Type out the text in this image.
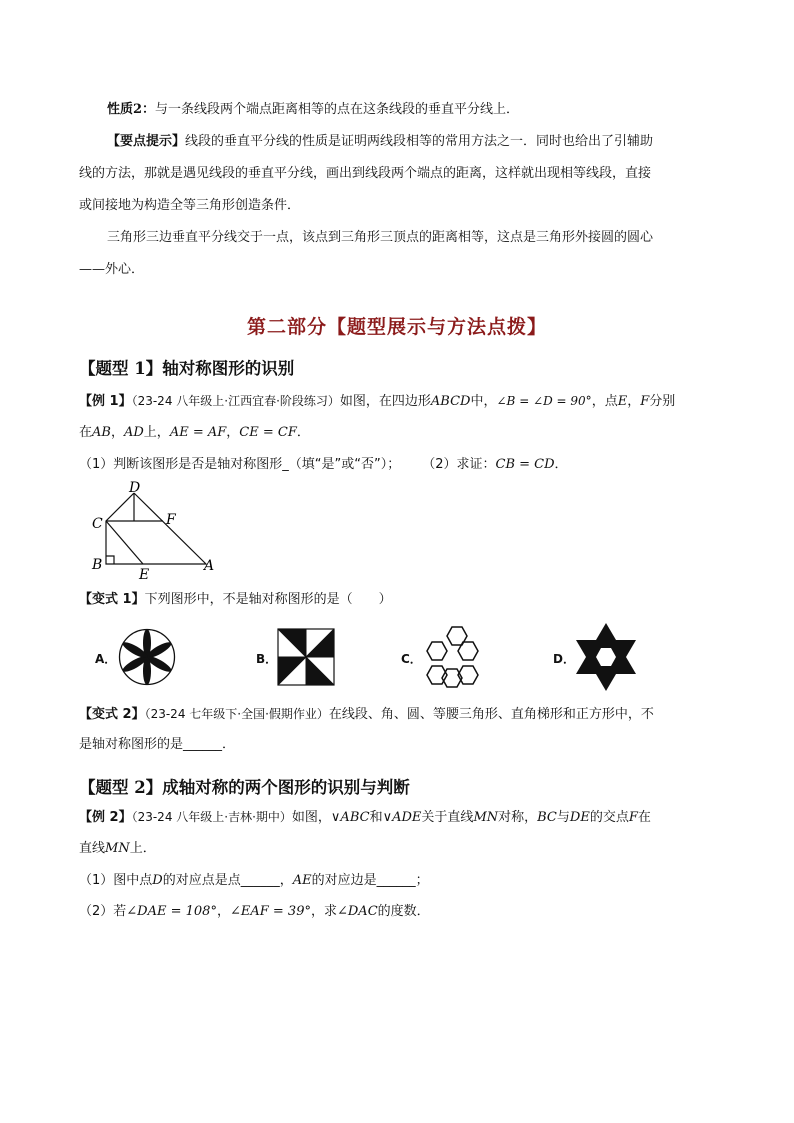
性质2：与一条线段两个端点距离相等的点在这条线段的垂直平分线上．
【要点提示】线段的垂直平分线的性质是证明两线段相等的常用方法之一．同时也给出了引辅助
线的方法，那就是遇见线段的垂直平分线，画出到线段两个端点的距离，这样就出现相等线段，直接
或间接地为构造全等三角形创造条件．
三角形三边垂直平分线交于一点，该点到三角形三顶点的距离相等，这点是三角形外接圆的圆心
——外心．
第二部分【题型展示与方法点拨】
【题型 1】轴对称图形的识别
【例 1】（23-24 八年级上·江西宜春·阶段练习）如图，在四边形ABCD中，∠B = ∠D = 90°，点E，F分别
在AB，AD上，AE = AF，CE = CF．
（1）判断该图形是否是轴对称图形_（填“是”或“否”）； （2）求证：CB = CD．
D
C	F
B
E
A
【变式 1】下列图形中，不是轴对称图形的是（　　）
A．	B．	C．	D．
【变式 2】（23-24 七年级下·全国·假期作业）在线段、角、圆、等腰三角形、直角梯形和正方形中，不
是轴对称图形的是______．
【题型 2】成轴对称的两个图形的识别与判断
【例 2】（23-24 八年级上·吉林·期中）如图，∨ABC和∨ADE关于直线MN对称，BC与DE的交点F在
直线MN上．
（1）图中点D的对应点是点______，AE的对应边是______；
（2）若∠DAE = 108°，∠EAF = 39°，求∠DAC的度数．
